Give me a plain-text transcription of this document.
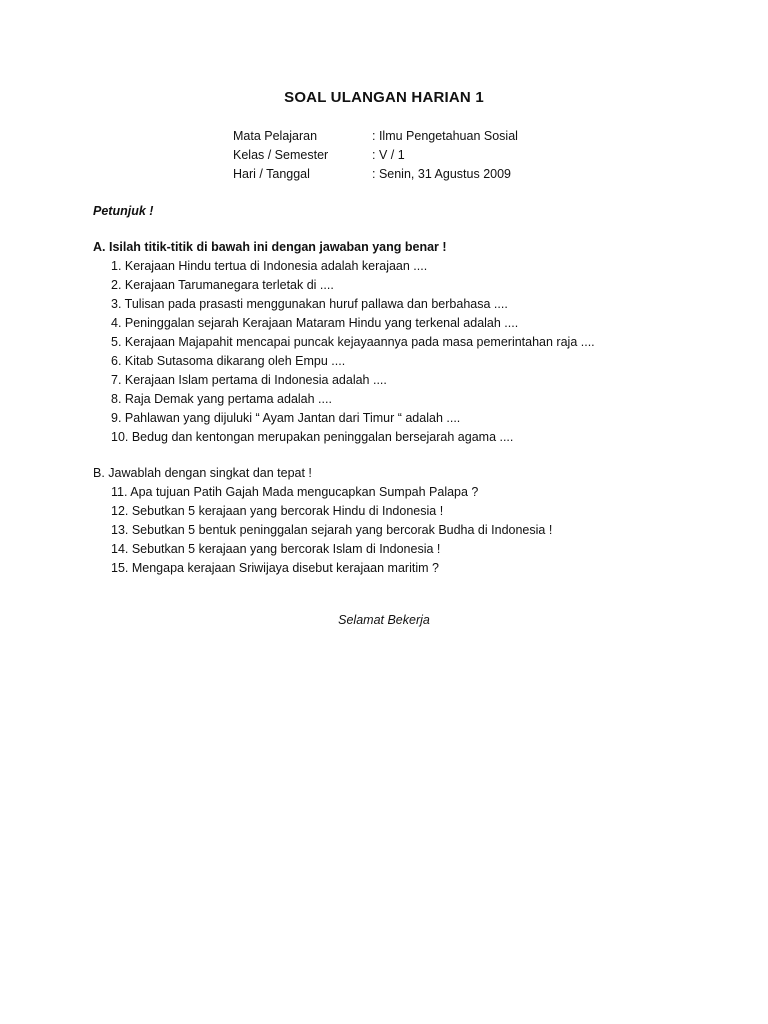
SOAL ULANGAN HARIAN 1
Mata Pelajaran	: Ilmu Pengetahuan Sosial
Kelas / Semester	: V / 1
Hari / Tanggal	: Senin, 31 Agustus 2009
Petunjuk !
A. Isilah titik-titik di bawah ini dengan jawaban yang benar !
1. Kerajaan Hindu tertua di Indonesia adalah kerajaan ....
2. Kerajaan Tarumanegara terletak di ....
3. Tulisan pada prasasti menggunakan huruf pallawa dan berbahasa ....
4. Peninggalan sejarah Kerajaan Mataram Hindu yang terkenal adalah ....
5. Kerajaan Majapahit mencapai puncak kejayaannya pada masa pemerintahan raja ....
6. Kitab Sutasoma dikarang oleh Empu ....
7. Kerajaan Islam pertama di Indonesia adalah ....
8. Raja Demak yang pertama adalah ....
9. Pahlawan yang dijuluki “ Ayam Jantan dari Timur “ adalah ....
10. Bedug dan kentongan merupakan peninggalan bersejarah agama ....
B. Jawablah dengan singkat dan tepat !
11. Apa tujuan Patih Gajah Mada mengucapkan Sumpah Palapa ?
12. Sebutkan 5 kerajaan yang bercorak Hindu di Indonesia !
13. Sebutkan 5 bentuk peninggalan sejarah yang bercorak Budha di Indonesia !
14. Sebutkan 5 kerajaan yang bercorak Islam di Indonesia !
15. Mengapa kerajaan Sriwijaya disebut kerajaan maritim ?
Selamat Bekerja
